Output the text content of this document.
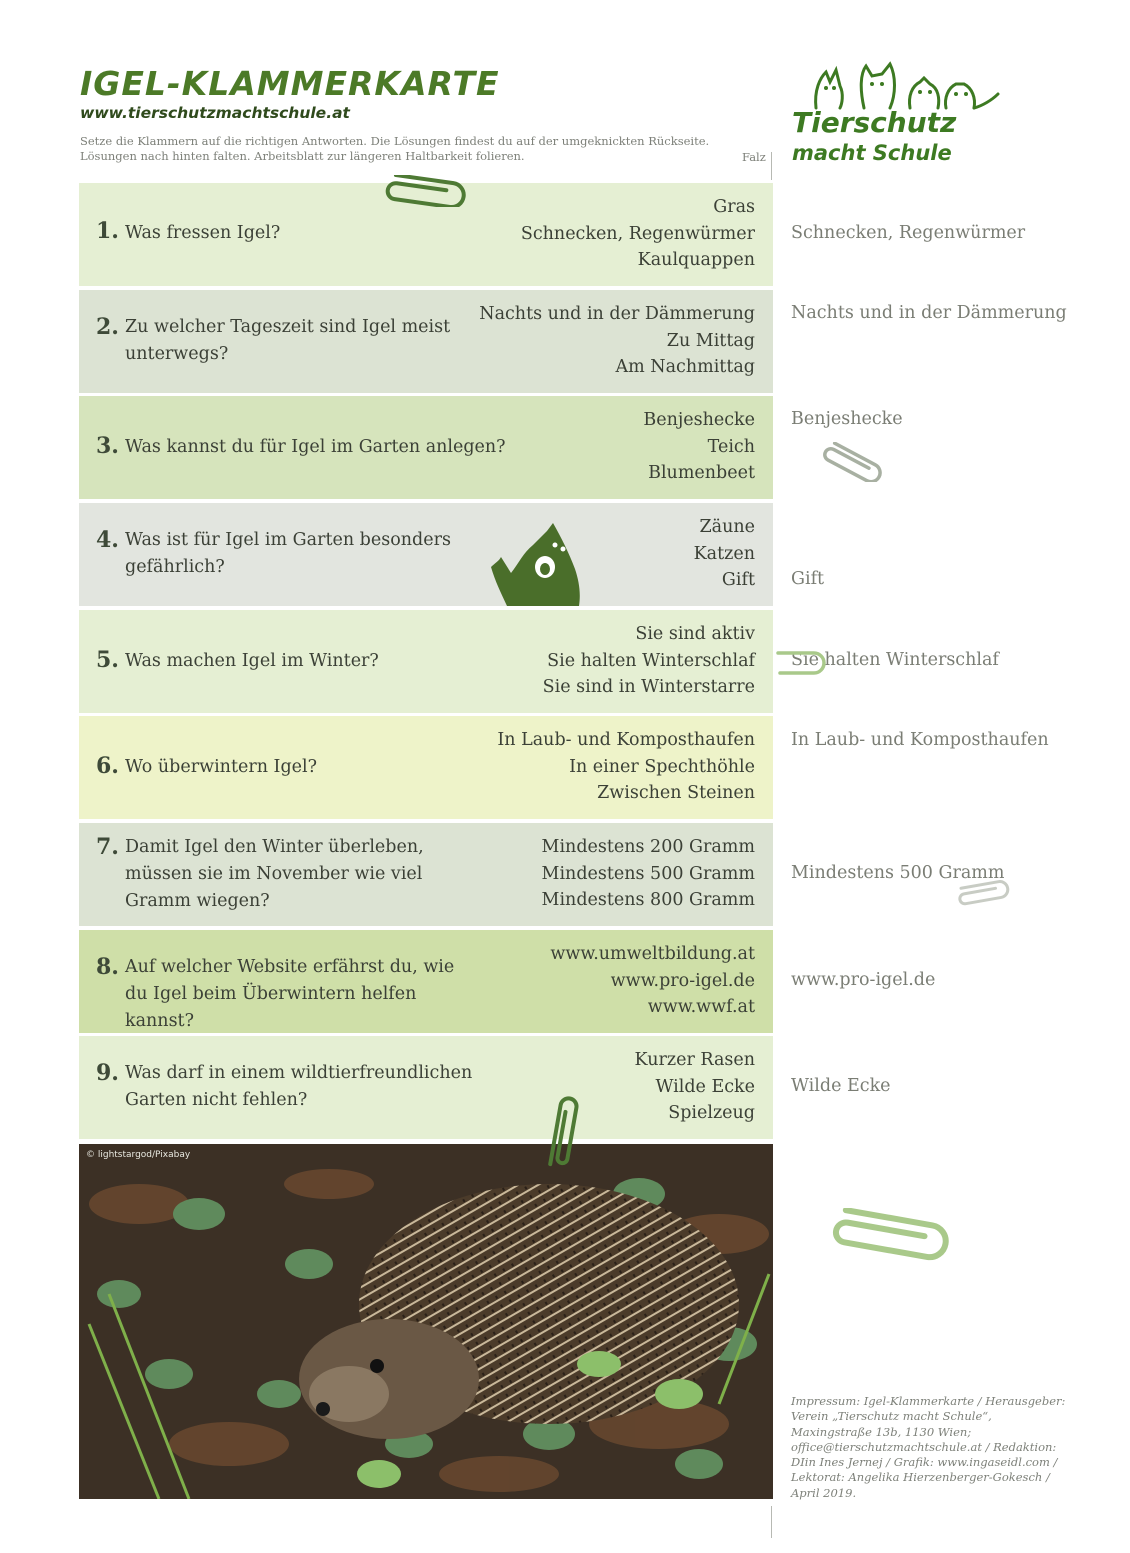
IGEL-KLAMMERKARTE
www.tierschutzmachtschule.at
Setze die Klammern auf die richtigen Antworten. Die Lösungen findest du auf der umgeknickten Rückseite.
Lösungen nach hinten falten. Arbeitsblatt zur längeren Haltbarkeit folieren.	Falz
Tierschutz
macht Schule
1. Was fressen Igel?
Gras
Schnecken, Regenwürmer
Kaulquappen
Schnecken, Regenwürmer
2. Zu welcher Tageszeit sind Igel meist unterwegs?
Nachts und in der Dämmerung
Zu Mittag
Am Nachmittag
Nachts und in der Dämmerung
3. Was kannst du für Igel im Garten anlegen?
Benjeshecke
Teich
Blumenbeet
Benjeshecke
4. Was ist für Igel im Garten besonders gefährlich?
Zäune
Katzen
Gift Gift
5. Was machen Igel im Winter?
Sie sind aktiv
Sie halten Winterschlaf
Sie sind in Winterstarre
Sie halten Winterschlaf
6. Wo überwintern Igel?
In Laub- und Komposthaufen
In einer Spechthöhle
Zwischen Steinen
In Laub- und Komposthaufen
7. Damit Igel den Winter überleben, müssen sie im November wie viel Gramm wiegen?
Mindestens 200 Gramm
Mindestens 500 Gramm
Mindestens 800 Gramm
Mindestens 500 Gramm
8. Auf welcher Website erfährst du, wie du Igel beim Überwintern helfen kannst?
www.umweltbildung.at
www.pro-igel.de
www.wwf.at
www.pro-igel.de
9. Was darf in einem wildtierfreundlichen Garten nicht fehlen?
Kurzer Rasen
Wilde Ecke
Spielzeug
Wilde Ecke
© lightstargod/Pixabay
Impressum: Igel-Klammerkarte / Herausgeber: Verein „Tierschutz macht Schule“, Maxingstraße 13b, 1130 Wien; office@tierschutzmachtschule.at / Redaktion: DIin Ines Jernej / Grafik: www.ingaseidl.com / Lektorat: Angelika Hierzenberger-Gokesch / April 2019.
